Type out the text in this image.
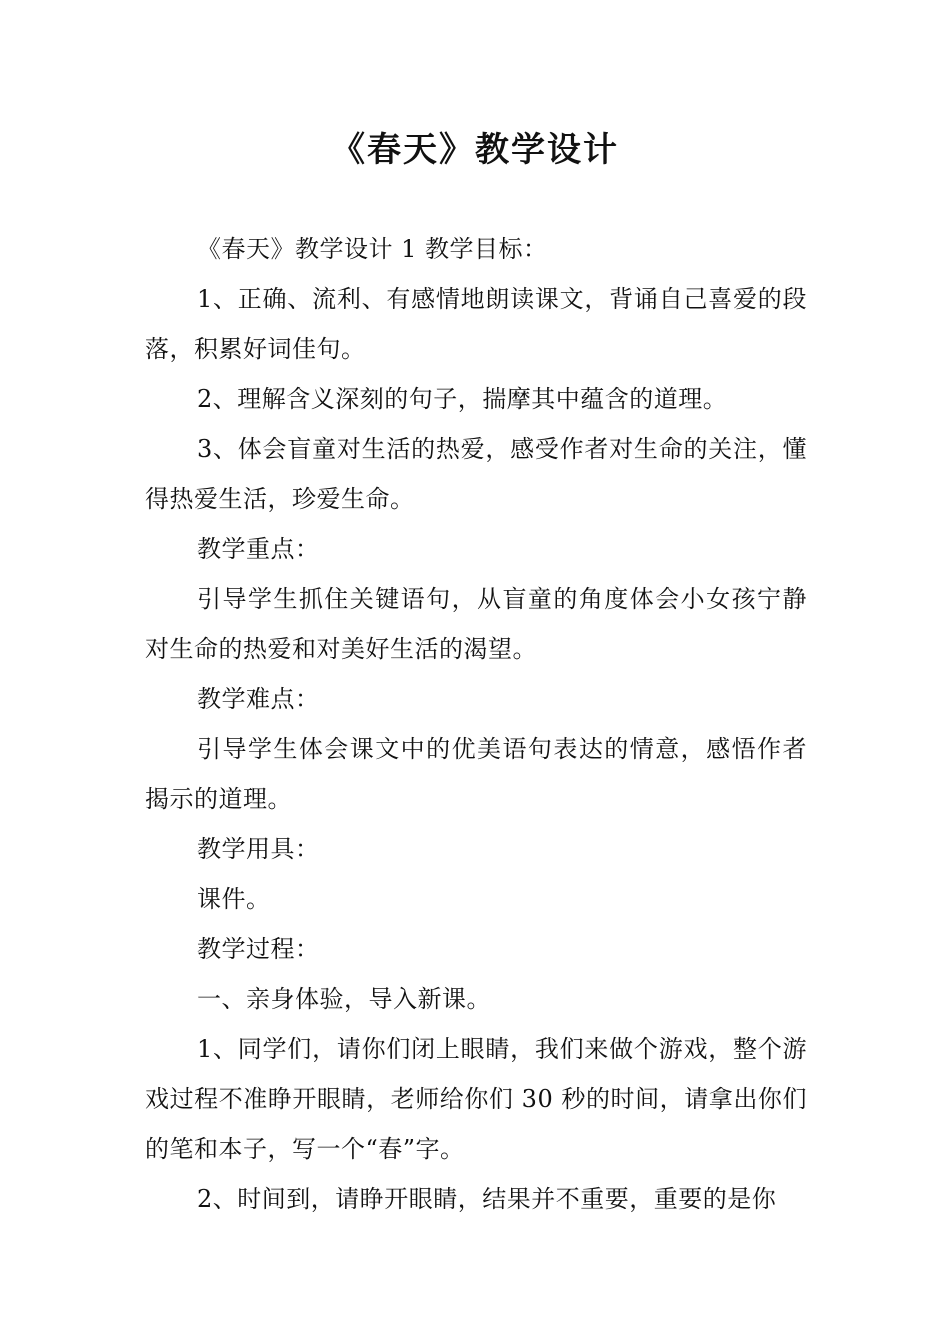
《春天》教学设计

《春天》教学设计 1 教学目标：

1、正确、流利、有感情地朗读课文，背诵自己喜爱的段落，积累好词佳句。

2、理解含义深刻的句子，揣摩其中蕴含的道理。

3、体会盲童对生活的热爱，感受作者对生命的关注，懂得热爱生活，珍爱生命。

教学重点：

引导学生抓住关键语句，从盲童的角度体会小女孩宁静对生命的热爱和对美好生活的渴望。

教学难点：

引导学生体会课文中的优美语句表达的情意，感悟作者揭示的道理。

教学用具：

课件。

教学过程：

一、亲身体验，导入新课。

1、同学们，请你们闭上眼睛，我们来做个游戏，整个游戏过程不准睁开眼睛，老师给你们 30 秒的时间，请拿出你们的笔和本子，写一个“春”字。

2、时间到，请睁开眼睛，结果并不重要，重要的是你
